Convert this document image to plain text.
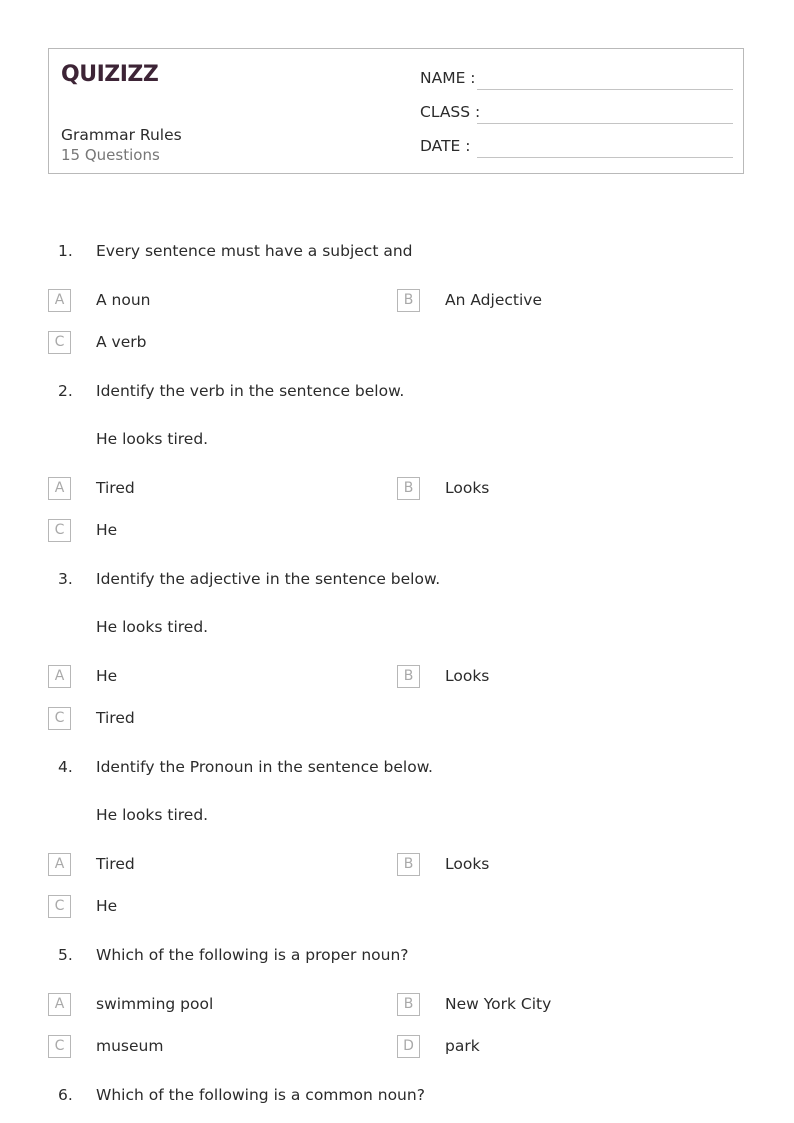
QUIZIZZ
Grammar Rules
15 Questions
NAME :
CLASS :
DATE :
1.	Every sentence must have a subject and
A	A noun	B	An Adjective
C	A verb
2.	Identify the verb in the sentence below.
He looks tired.
A	Tired	B	Looks
C	He
3.	Identify the adjective in the sentence below.
He looks tired.
A	He	B	Looks
C	Tired
4.	Identify the Pronoun in the sentence below.
He looks tired.
A	Tired	B	Looks
C	He
5.	Which of the following is a proper noun?
A	swimming pool	B	New York City
C	museum	D	park
6.	Which of the following is a common noun?
